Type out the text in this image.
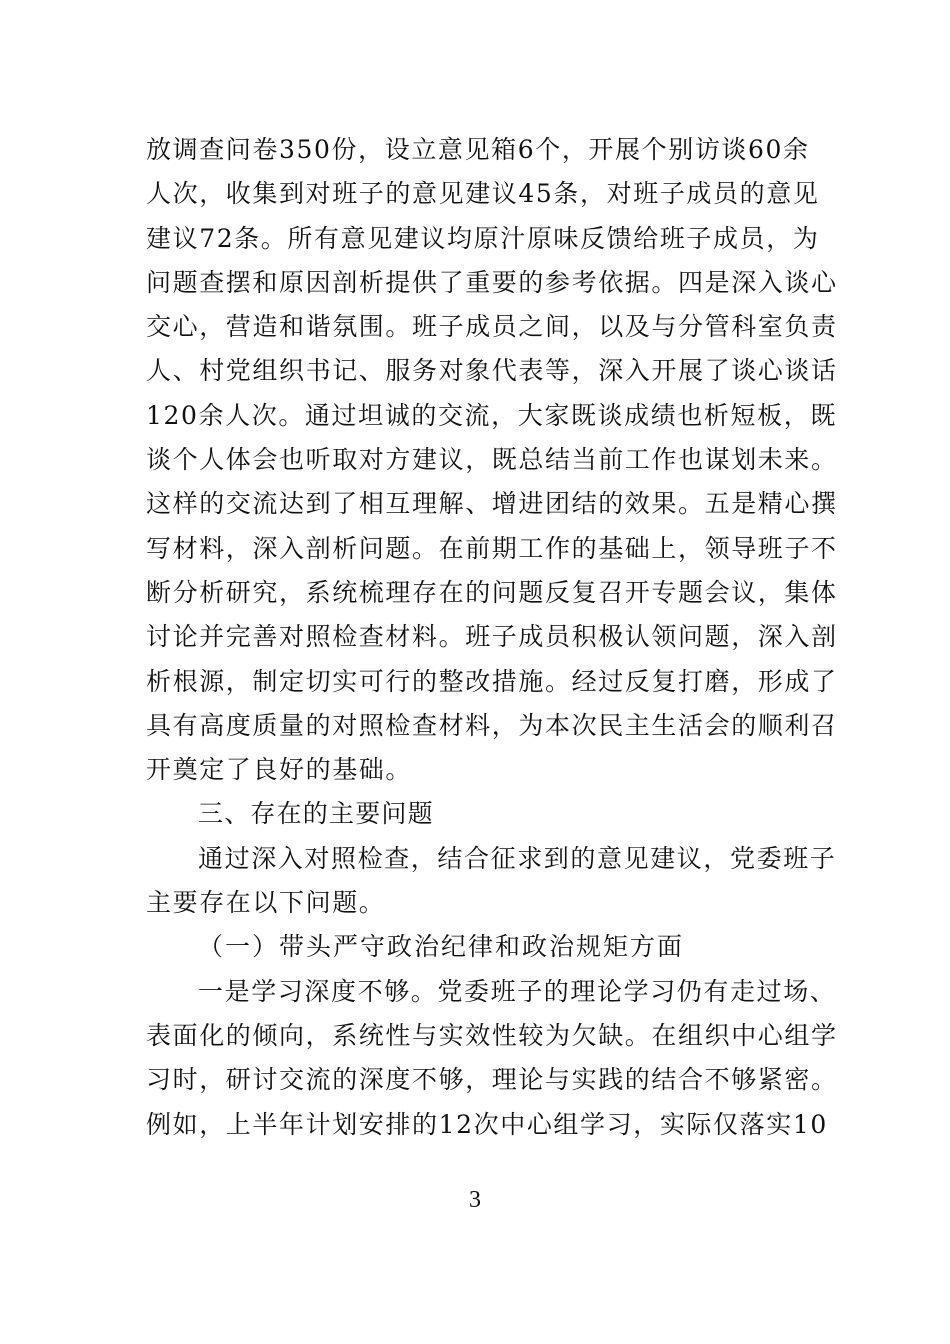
放调查问卷350份，设立意见箱6个，开展个别访谈60余
人次，收集到对班子的意见建议45条，对班子成员的意见
建议72条。所有意见建议均原汁原味反馈给班子成员，为
问题查摆和原因剖析提供了重要的参考依据。四是深入谈心
交心，营造和谐氛围。班子成员之间，以及与分管科室负责
人、村党组织书记、服务对象代表等，深入开展了谈心谈话
120余人次。通过坦诚的交流，大家既谈成绩也析短板，既
谈个人体会也听取对方建议，既总结当前工作也谋划未来。
这样的交流达到了相互理解、增进团结的效果。五是精心撰
写材料，深入剖析问题。在前期工作的基础上，领导班子不
断分析研究，系统梳理存在的问题反复召开专题会议，集体
讨论并完善对照检查材料。班子成员积极认领问题，深入剖
析根源，制定切实可行的整改措施。经过反复打磨，形成了
具有高度质量的对照检查材料，为本次民主生活会的顺利召
开奠定了良好的基础。
三、存在的主要问题
通过深入对照检查，结合征求到的意见建议，党委班子
主要存在以下问题。
（一）带头严守政治纪律和政治规矩方面
一是学习深度不够。党委班子的理论学习仍有走过场、
表面化的倾向，系统性与实效性较为欠缺。在组织中心组学
习时，研讨交流的深度不够，理论与实践的结合不够紧密。
例如，上半年计划安排的12次中心组学习，实际仅落实10
3
